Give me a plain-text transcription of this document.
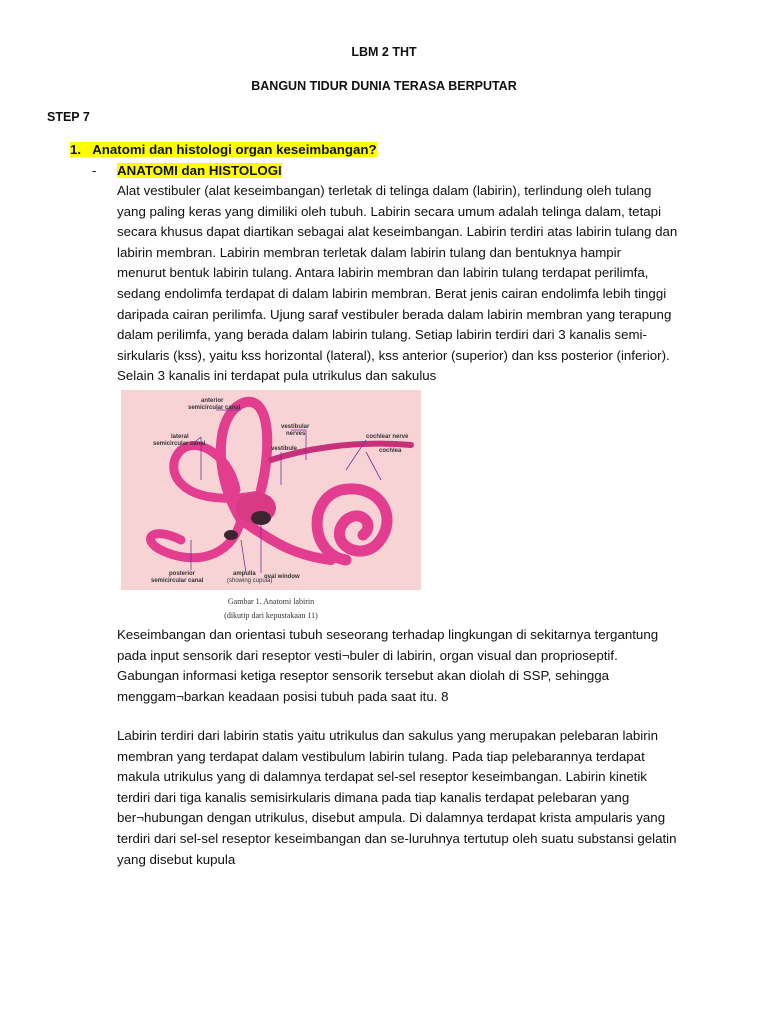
LBM 2 THT
BANGUN TIDUR DUNIA TERASA BERPUTAR
STEP 7
1. Anatomi dan histologi organ keseimbangan?
- ANATOMI dan HISTOLOGI
Alat vestibuler (alat keseimbangan) terletak di telinga dalam (labirin), terlindung oleh tulang
yang paling keras yang dimiliki oleh tubuh. Labirin secara umum adalah telinga dalam, tetapi
secara khusus dapat diartikan sebagai alat keseimbangan. Labirin terdiri atas labirin tulang dan
labirin membran. Labirin membran terletak dalam labirin tulang dan bentuknya hampir
menurut bentuk labirin tulang. Antara labirin membran dan labirin tulang terdapat perilimfa,
sedang endolimfa terdapat di dalam labirin membran. Berat jenis cairan endolimfa lebih tinggi
daripada cairan perilimfa. Ujung saraf vestibuler berada dalam labirin membran yang terapung
dalam perilimfa, yang berada dalam labirin tulang. Setiap labirin terdiri dari 3 kanalis semi-
sirkularis (kss), yaitu kss horizontal (lateral), kss anterior (superior) dan kss posterior (inferior).
Selain 3 kanalis ini terdapat pula utrikulus dan sakulus
anterior
semicircular canal
lateral
semicircular canal
vestibular
nerves
vestibule
cochlear nerve
cochlea
posterior
semicircular canal
ampulla
(showing cupula)
oval window
Gambar 1. Anatomi labirin
(dikutip dari kepustakaan 11)
Keseimbangan dan orientasi tubuh seseorang terhadap lingkungan di sekitarnya tergantung
pada input sensorik dari reseptor vesti¬buler di labirin, organ visual dan proprioseptif.
Gabungan informasi ketiga reseptor sensorik tersebut akan diolah di SSP, sehingga
menggam¬barkan keadaan posisi tubuh pada saat itu. 8
Labirin terdiri dari labirin statis yaitu utrikulus dan sakulus yang merupakan pelebaran labirin
membran yang terdapat dalam vestibulum labirin tulang. Pada tiap pelebarannya terdapat
makula utrikulus yang di dalamnya terdapat sel-sel reseptor keseimbangan. Labirin kinetik
terdiri dari tiga kanalis semisirkularis dimana pada tiap kanalis terdapat pelebaran yang
ber¬hubungan dengan utrikulus, disebut ampula. Di dalamnya terdapat krista ampularis yang
terdiri dari sel-sel reseptor keseimbangan dan se-luruhnya tertutup oleh suatu substansi gelatin
yang disebut kupula
